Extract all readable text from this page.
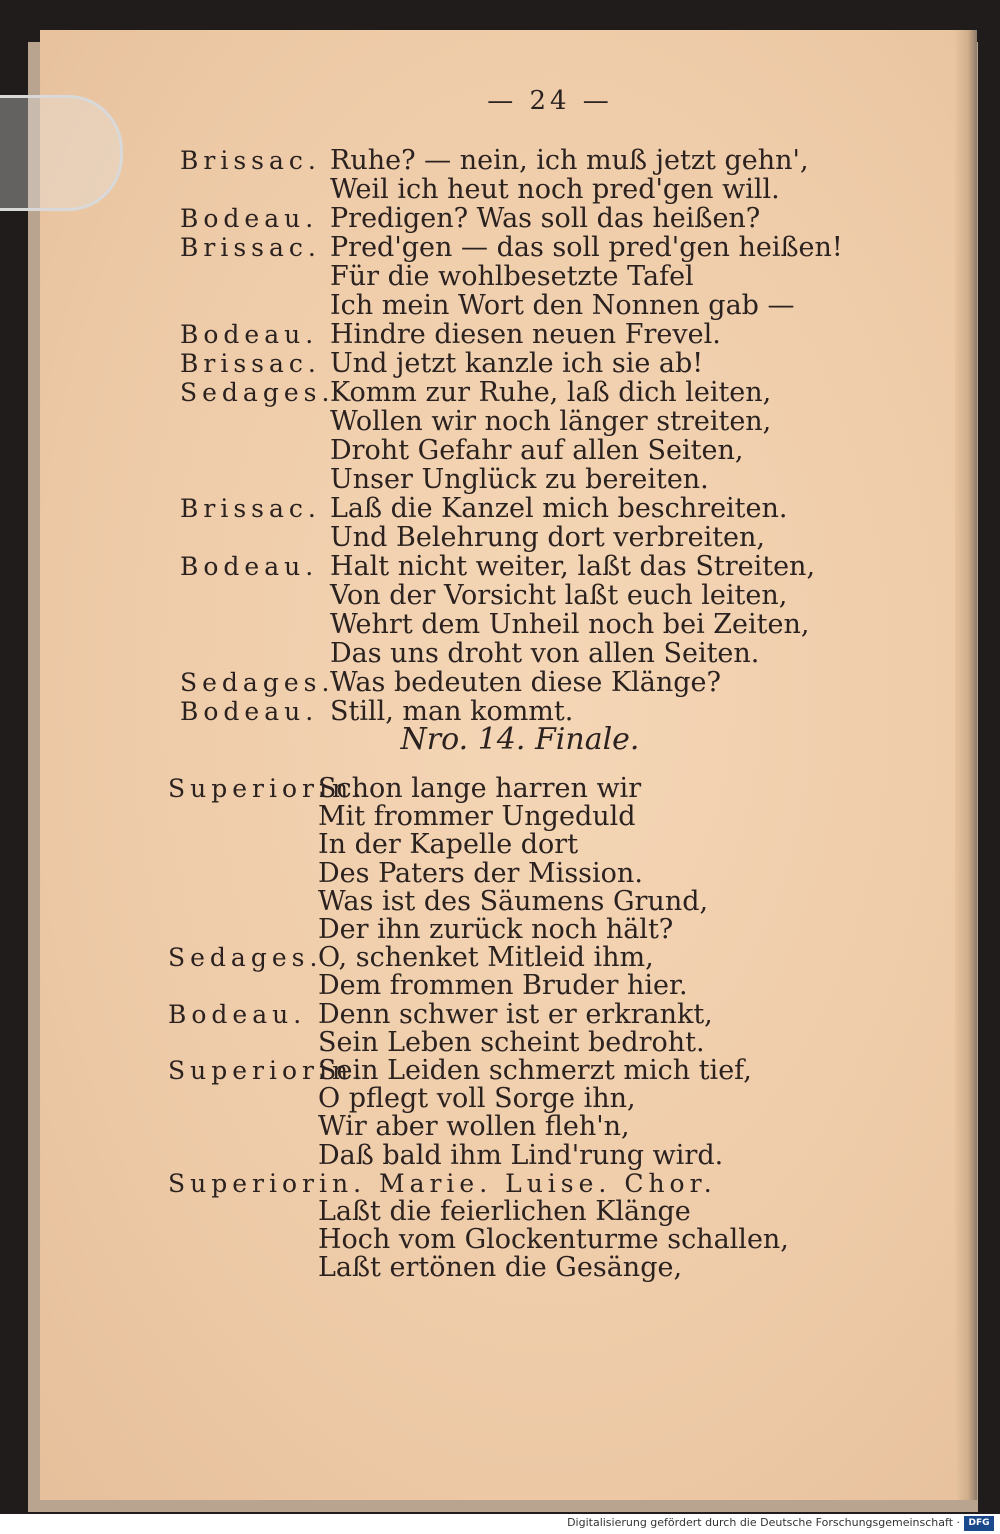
— 24 —
Brissac. Ruhe? — nein, ich muß jetzt gehn',
Weil ich heut noch pred'gen will.
Bodeau. Predigen? Was soll das heißen?
Brissac. Pred'gen — das soll pred'gen heißen!
Für die wohlbesetzte Tafel
Ich mein Wort den Nonnen gab —
Bodeau. Hindre diesen neuen Frevel.
Brissac. Und jetzt kanzle ich sie ab!
Sedages.
Komm zur Ruhe, laß dich leiten,
Wollen wir noch länger streiten,
Droht Gefahr auf allen Seiten,
Unser Unglück zu bereiten.
Brissac. Laß die Kanzel mich beschreiten.
Und Belehrung dort verbreiten,
Bodeau. Halt nicht weiter, laßt das Streiten,
Von der Vorsicht laßt euch leiten,
Wehrt dem Unheil noch bei Zeiten,
Das uns droht von allen Seiten.
Sedages.
Was bedeuten diese Klänge?
Bodeau. Still, man kommt.
Nro. 14. Finale.
Superiorin.
Schon lange harren wir
Mit frommer Ungeduld
In der Kapelle dort
Des Paters der Mission.
Was ist des Säumens Grund,
Der ihn zurück noch hält?
Sedages.
O, schenket Mitleid ihm,
Dem frommen Bruder hier.
Bodeau. Denn schwer ist er erkrankt,
Sein Leben scheint bedroht.
Superiorin.
Sein Leiden schmerzt mich tief,
O pflegt voll Sorge ihn,
Wir aber wollen fleh'n,
Daß bald ihm Lind'rung wird.
Superiorin. Marie. Luise. Chor.
Laßt die feierlichen Klänge
Hoch vom Glockenturme schallen,
Laßt ertönen die Gesänge,
Digitalisierung gefördert durch die Deutsche Forschungsgemeinschaft · DFG
